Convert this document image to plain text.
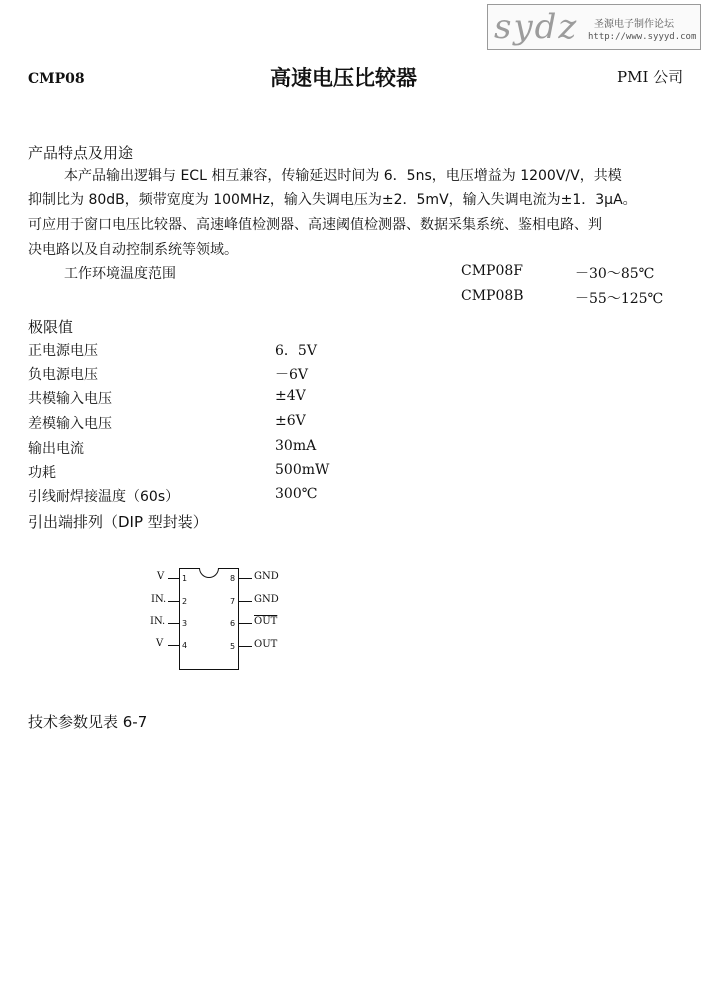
sydz 圣源电子制作论坛
http://www.syyyd.com
CMP08	高速电压比较器	PMI 公司
产品特点及用途
本产品输出逻辑与 ECL 相互兼容，传输延迟时间为 6．5ns，电压增益为 1200V/V，共模
抑制比为 80dB，频带宽度为 100MHz，输入失调电压为±2．5mV，输入失调电流为±1．3μA。
可应用于窗口电压比较器、高速峰值检测器、高速阈值检测器、数据采集系统、鉴相电路、判
决电路以及自动控制系统等领域。
工作环境温度范围	CMP08F	－30～85℃
CMP08B	－55～125℃
极限值
正电源电压	6．5V
负电源电压	－6V
共模输入电压	±4V
差模输入电压	±6V
输出电流	30mA
功耗	500mW
引线耐焊接温度（60s）	300℃
引出端排列（DIP 型封装）
V
IN.
IN.
V
1
2
3
4
8
7
6
5
GND
GND
$\overline{OUT}$
OUT
技术参数见表 6-7
